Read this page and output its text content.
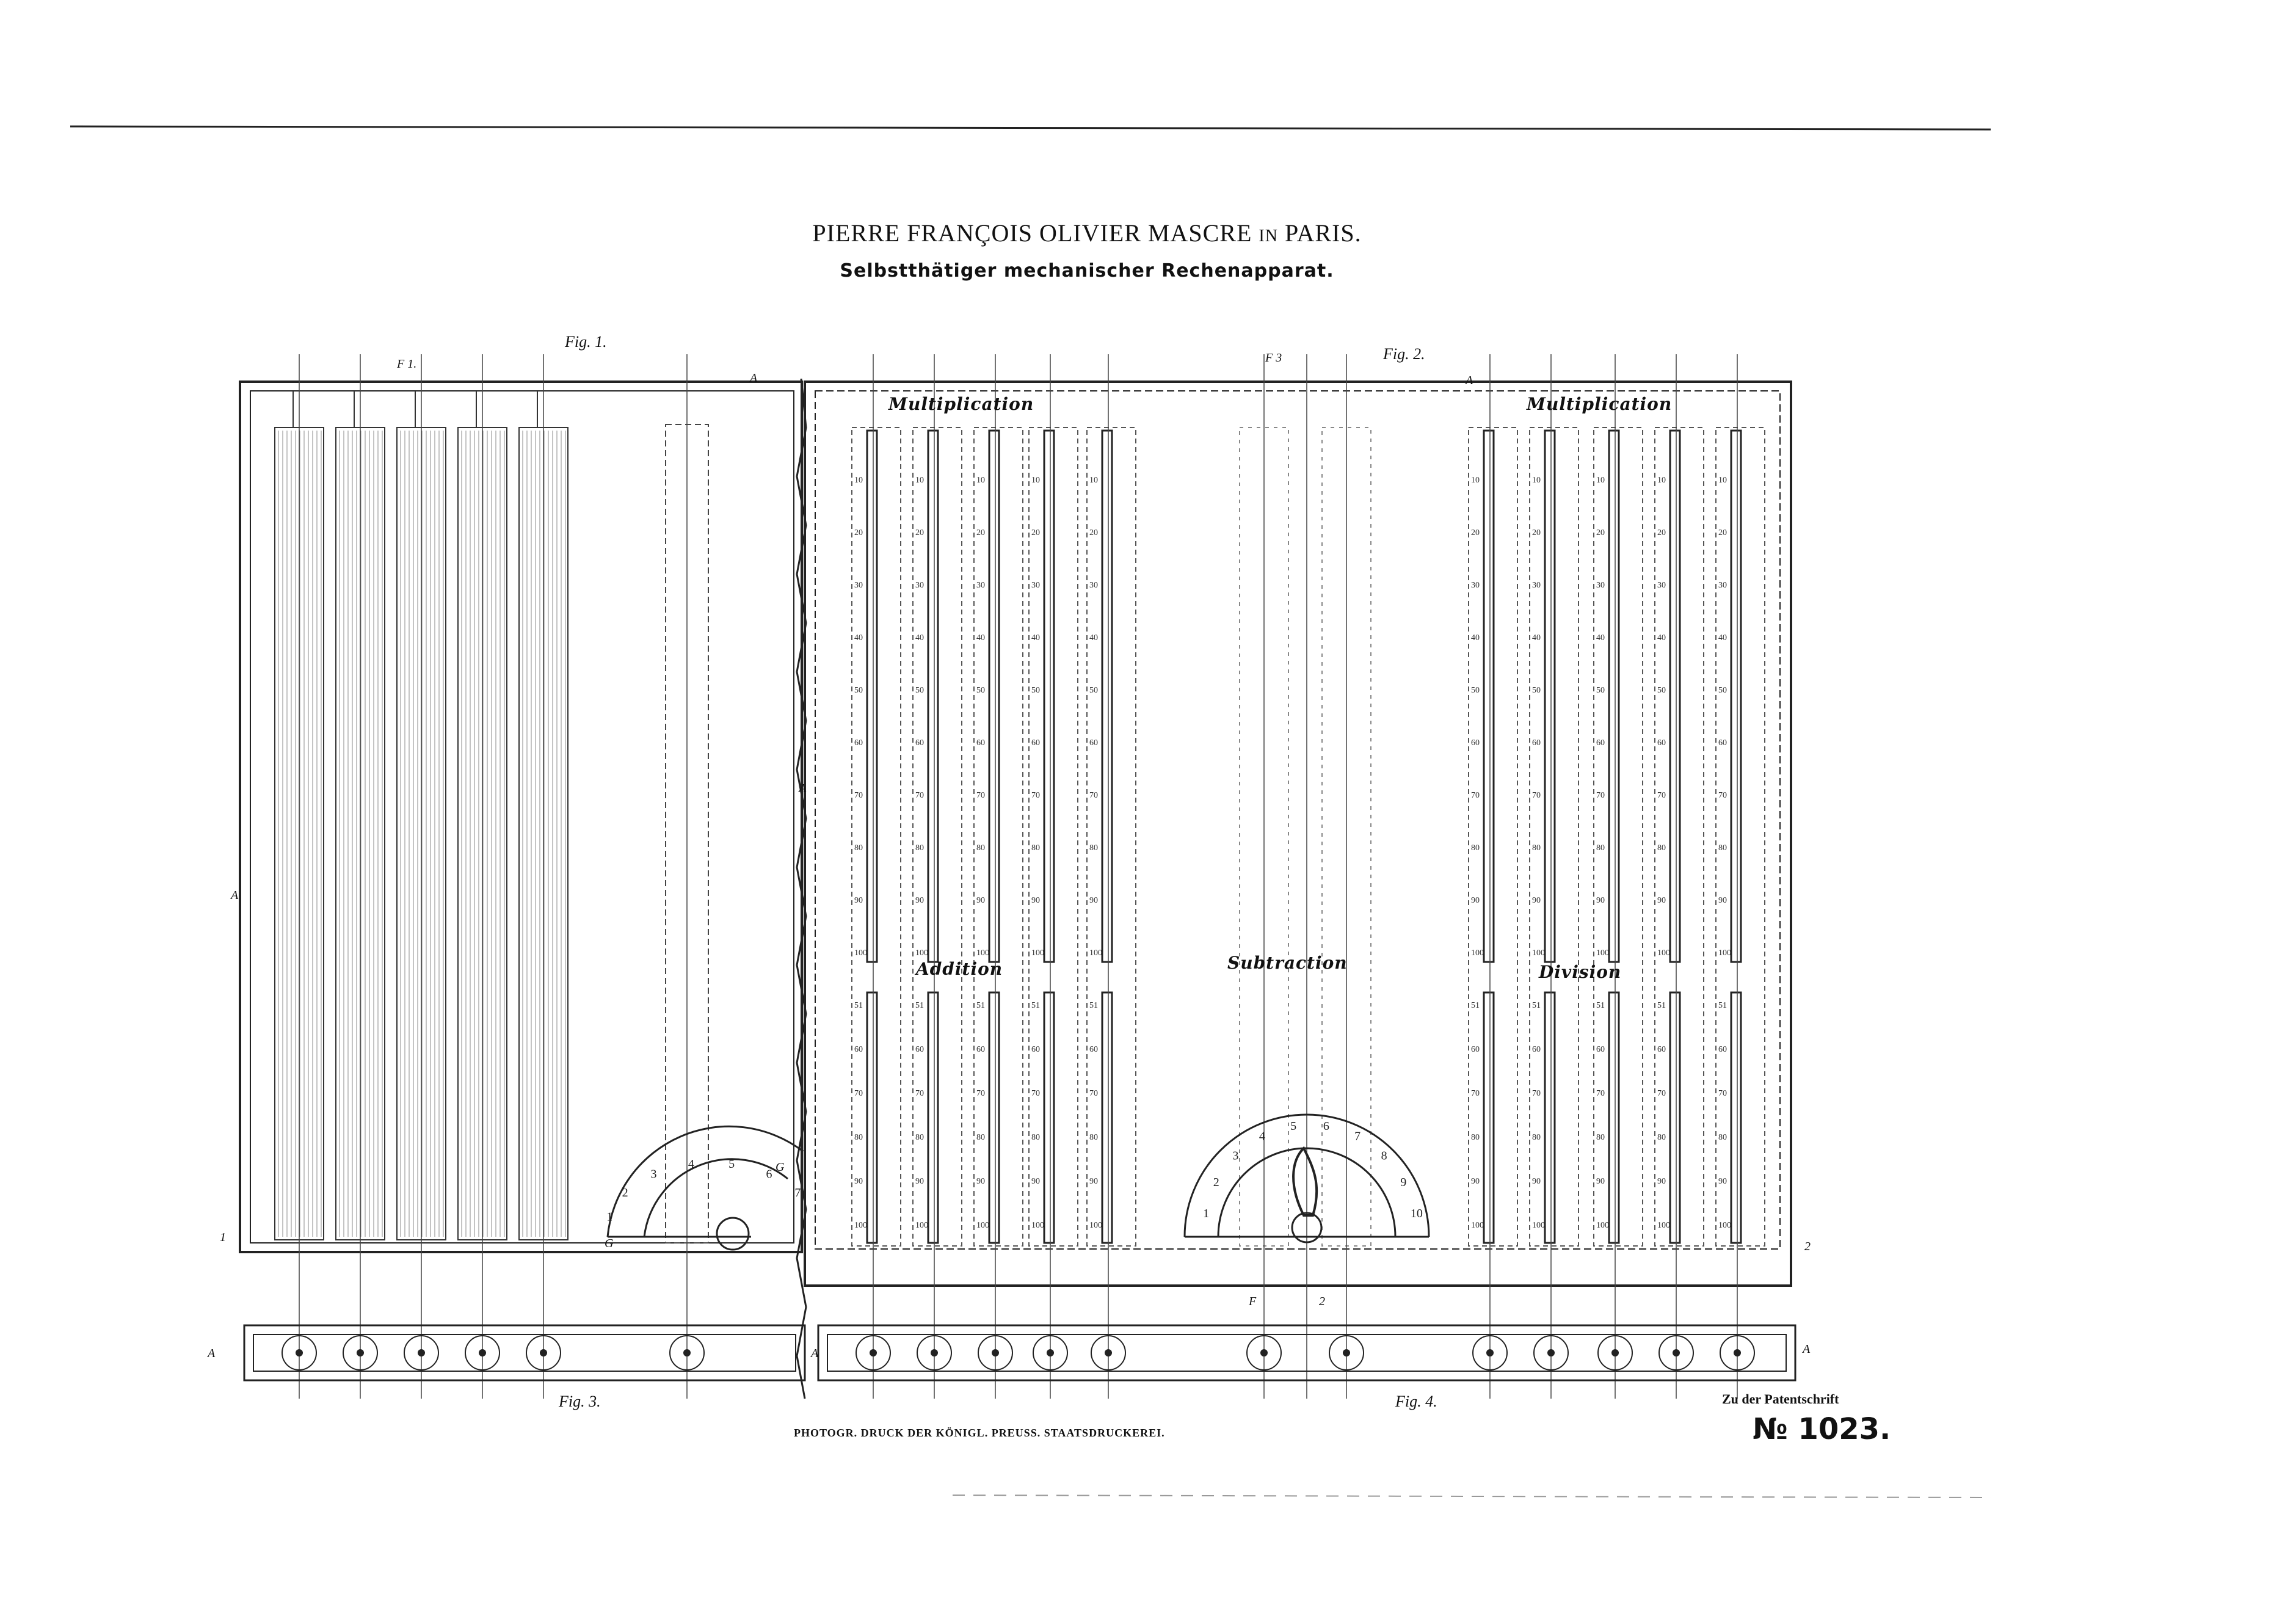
10
20
30
40
50
60
70
80
90
100
51
60
70
80
90
100
10
20
30
40
50
60
70
80
90
100
51
60
70
80
90
100
10
20
30
40
50
60
70
80
90
100
51
60
70
80
90
100
10
20
30
40
50
60
70
80
90
100
51
60
70
80
90
100
10
20
30
40
50
60
70
80
90
100
51
60
70
80
90
100
10
20
30
40
50
60
70
80
90
100
51
60
70
80
90
100
10
20
30
40
50
60
70
80
90
100
51
60
70
80
90
100
10
20
30
40
50
60
70
80
90
100
51
60
70
80
90
100
10
20
30
40
50
60
70
80
90
100
51
60
70
80
90
100
10
20
30
40
50
60
70
80
90
100
51
60
70
80
90
100
1
2
3
4	5
6
7
1
2
3
4
5 6
7
8
9
10
PIERRE FRANÇOIS OLIVIER MASCRE IN PARIS.
Selbstthätiger mechanischer Rechenapparat.
Fig. 1.
Fig. 2.
Fig. 3.	Fig. 4.
Multiplication	Multiplication
Addition	Subtraction	Division
A	A
A
A
A	A	A
F 1.	F 3
F	2
1
2
G
G
PHOTOGR. DRUCK DER KÖNIGL. PREUSS. STAATSDRUCKEREI.
Zu der Patentschrift
№ 1023.
